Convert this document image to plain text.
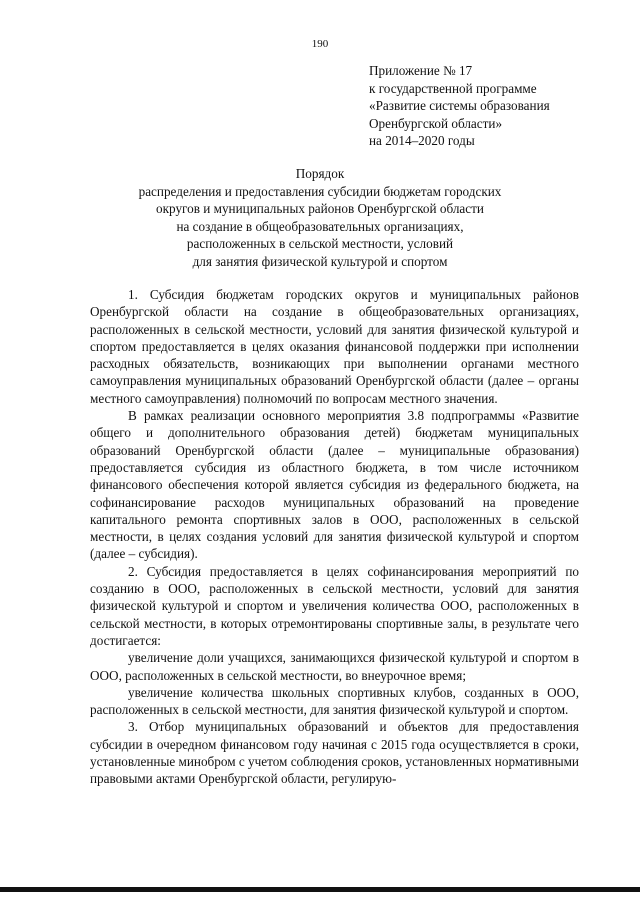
190
Приложение № 17
к государственной программе
«Развитие системы образования
Оренбургской области»
на 2014–2020 годы
Порядок
распределения и предоставления субсидии бюджетам городских
округов и муниципальных районов Оренбургской области
на создание в общеобразовательных организациях,
расположенных в сельской местности, условий
для занятия физической культурой и спортом

1. Субсидия бюджетам городских округов и муниципальных районов Оренбургской области на создание в общеобразовательных организациях, расположенных в сельской местности, условий для занятия физической культурой и спортом предоставляется в целях оказания финансовой поддержки при исполнении расходных обязательств, возникающих при выполнении органами местного самоуправления муниципальных образований Оренбургской области (далее – органы местного самоуправления) полномочий по вопросам местного значения.

В рамках реализации основного мероприятия 3.8 подпрограммы «Развитие общего и дополнительного образования детей) бюджетам муниципальных образований Оренбургской области (далее – муниципальные образования) предоставляется субсидия из областного бюджета, в том числе источником финансового обеспечения которой является субсидия из федерального бюджета, на софинансирование расходов муниципальных образований на проведение капитального ремонта спортивных залов в ООО, расположенных в сельской местности, в целях создания условий для занятия физической культурой и спортом (далее – субсидия).

2. Субсидия предоставляется в целях софинансирования мероприятий по созданию в ООО, расположенных в сельской местности, условий для занятия физической культурой и спортом и увеличения количества ООО, расположенных в сельской местности, в которых отремонтированы спортивные залы, в результате чего достигается:

увеличение доли учащихся, занимающихся физической культурой и спортом в ООО, расположенных в сельской местности, во внеурочное время;

увеличение количества школьных спортивных клубов, созданных в ООО, расположенных в сельской местности, для занятия физической культурой и спортом.

3. Отбор муниципальных образований и объектов для предоставления субсидии в очередном финансовом году начиная с 2015 года осуществляется в сроки, установленные минобром с учетом соблюдения сроков, установленных нормативными правовыми актами Оренбургской области, регулирую-
